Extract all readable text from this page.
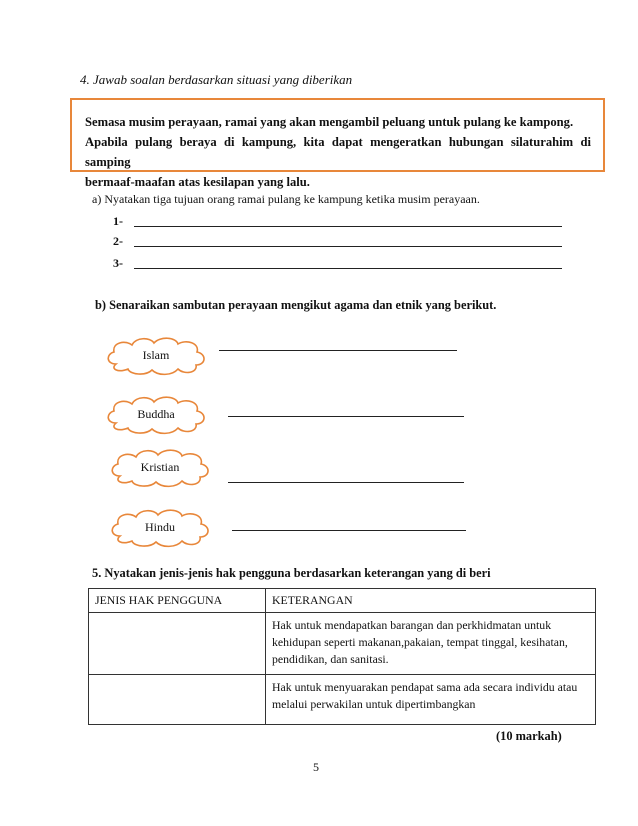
4. Jawab soalan berdasarkan situasi yang diberikan
Semasa musim perayaan, ramai yang akan mengambil peluang untuk pulang ke kampong.
Apabila pulang beraya di kampung, kita dapat mengeratkan hubungan silaturahim di samping
bermaaf-maafan atas kesilapan yang lalu.
a) Nyatakan tiga tujuan orang ramai pulang ke kampung ketika musim perayaan.
1-
2-
3-
b) Senaraikan sambutan perayaan mengikut agama dan etnik yang berikut.
Islam
Buddha
Kristian
Hindu
5. Nyatakan jenis-jenis hak pengguna berdasarkan keterangan yang di beri
JENIS HAK PENGGUNA	KETERANGAN
	Hak untuk mendapatkan barangan dan perkhidmatan untuk kehidupan seperti makanan,pakaian, tempat tinggal, kesihatan, pendidikan, dan sanitasi.
	Hak untuk menyuarakan pendapat sama ada secara individu atau melalui perwakilan untuk dipertimbangkan
(10 markah)
5
